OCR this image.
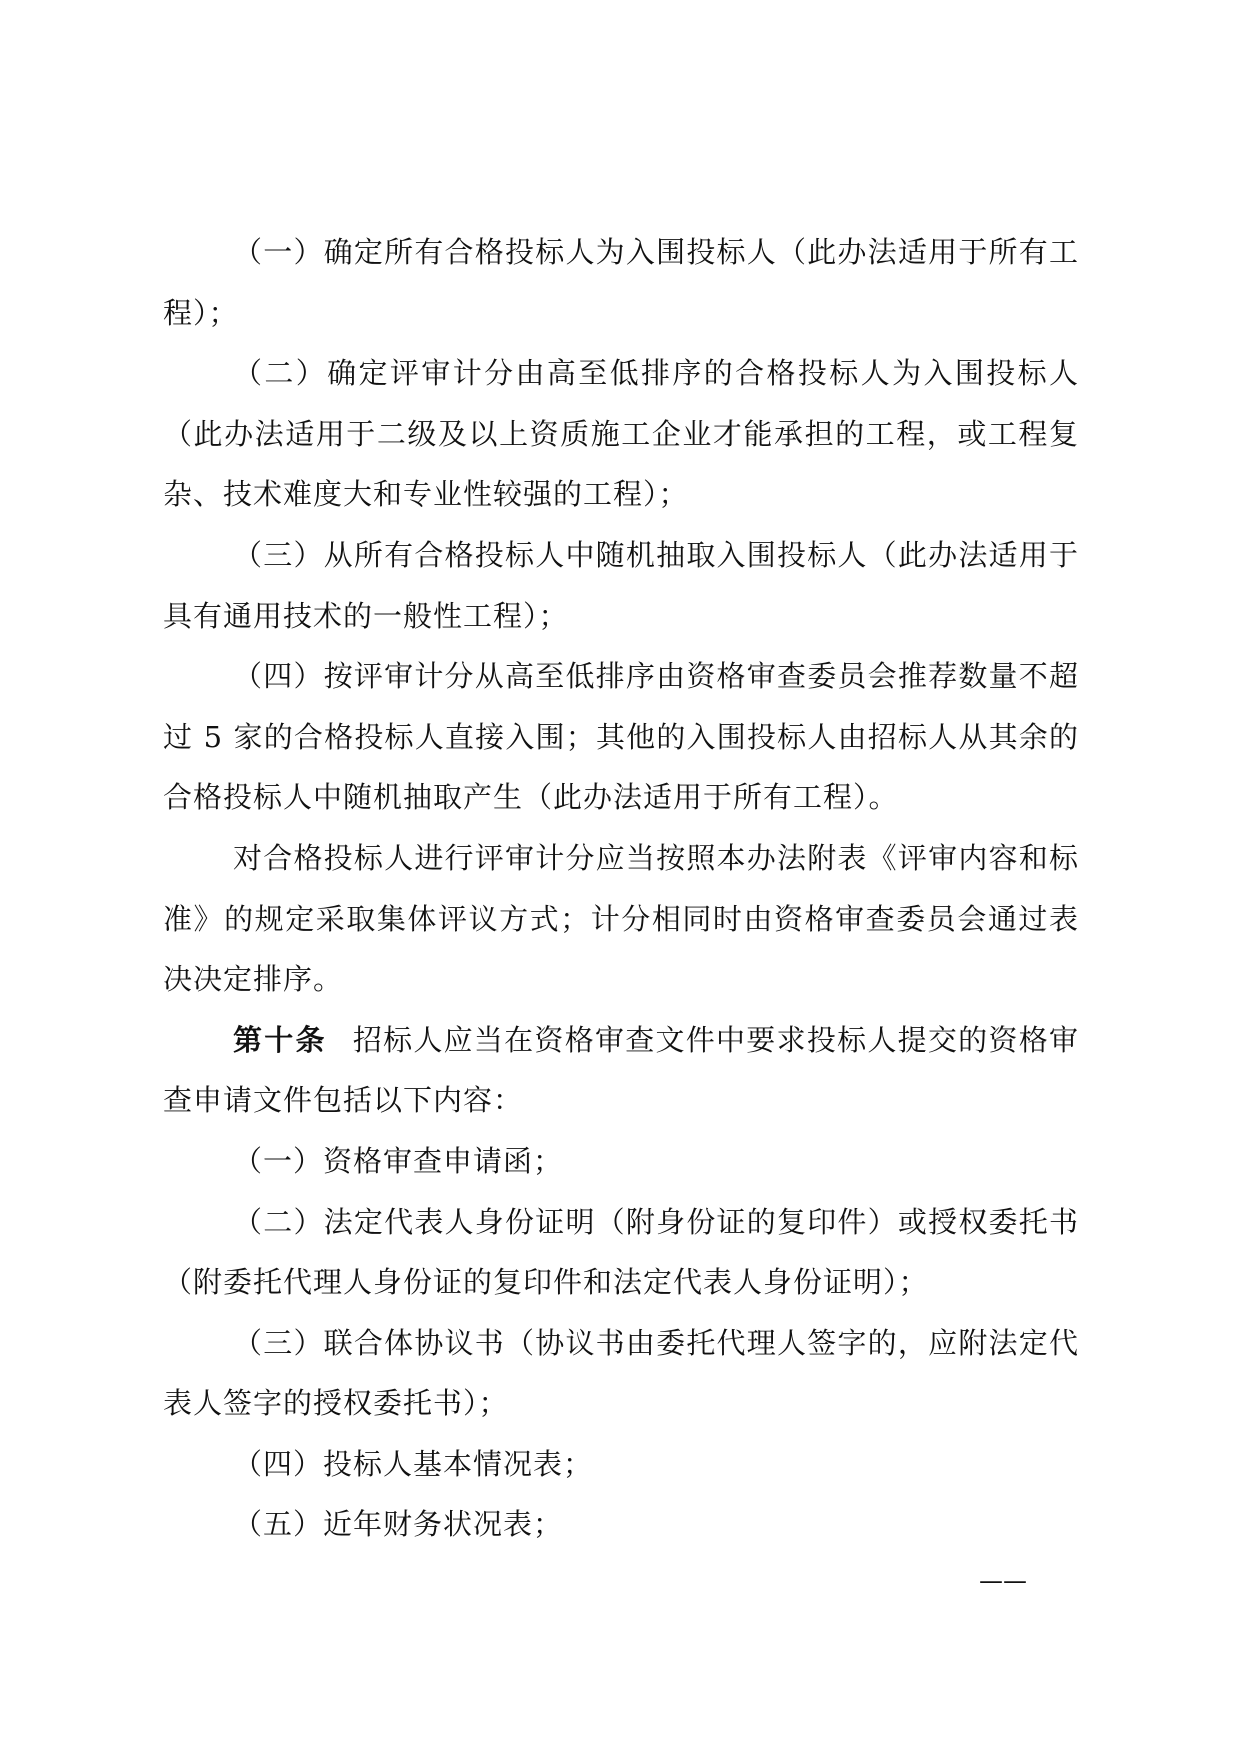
（一）确定所有合格投标人为入围投标人（此办法适用于所有工程）；

（二）确定评审计分由高至低排序的合格投标人为入围投标人（此办法适用于二级及以上资质施工企业才能承担的工程，或工程复杂、技术难度大和专业性较强的工程）；

（三）从所有合格投标人中随机抽取入围投标人（此办法适用于具有通用技术的一般性工程）；

（四）按评审计分从高至低排序由资格审查委员会推荐数量不超过 5 家的合格投标人直接入围；其他的入围投标人由招标人从其余的合格投标人中随机抽取产生（此办法适用于所有工程）。

对合格投标人进行评审计分应当按照本办法附表《评审内容和标准》的规定采取集体评议方式；计分相同时由资格审查委员会通过表决决定排序。

第十条 招标人应当在资格审查文件中要求投标人提交的资格审查申请文件包括以下内容：

（一）资格审查申请函；

（二）法定代表人身份证明（附身份证的复印件）或授权委托书（附委托代理人身份证的复印件和法定代表人身份证明）；

（三）联合体协议书（协议书由委托代理人签字的，应附法定代表人签字的授权委托书）；

（四）投标人基本情况表；

（五）近年财务状况表；

——
